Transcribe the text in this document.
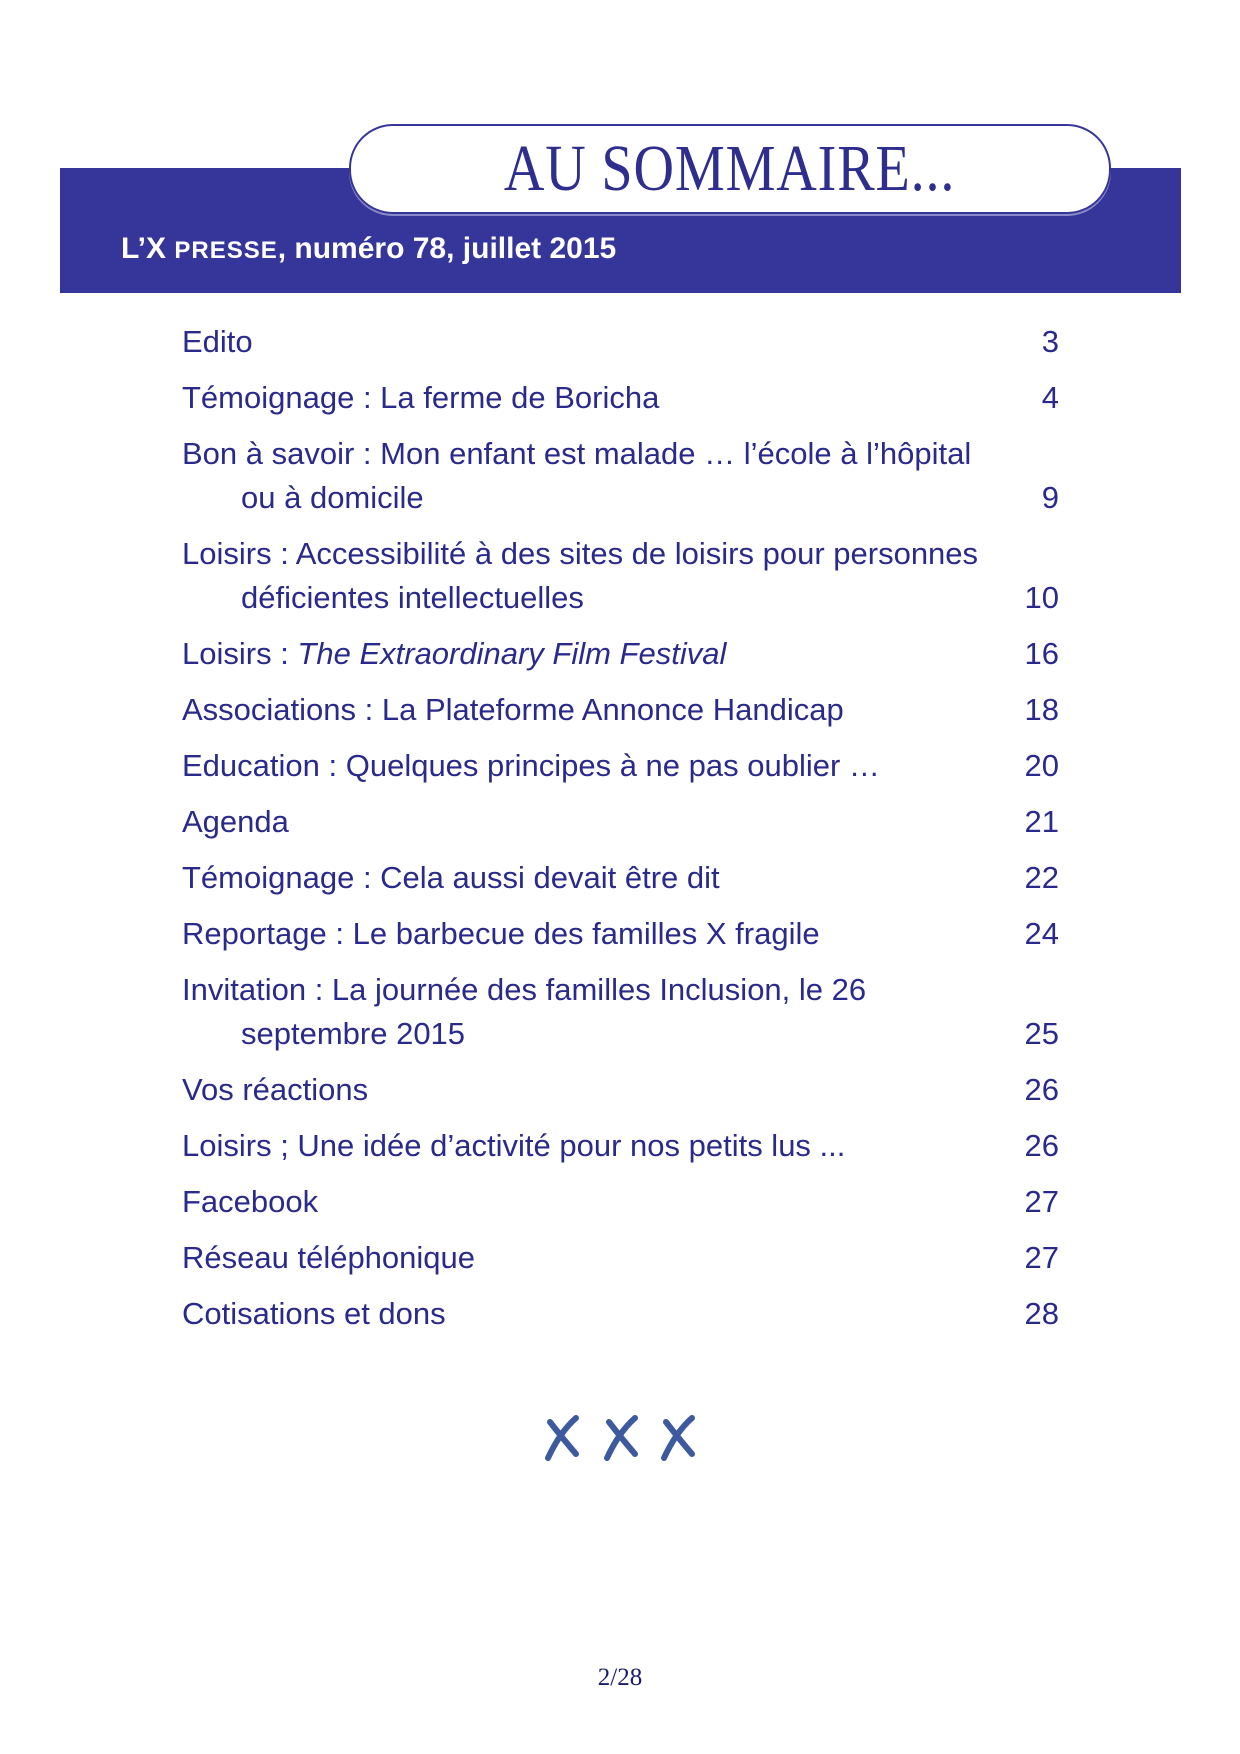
AU SOMMAIRE...
L’X PRESSE, numéro 78, juillet 2015
Edito	3
Témoignage : La ferme de Boricha	4
Bon à savoir : Mon enfant est malade … l’école à l’hôpital ou à domicile	9
Loisirs : Accessibilité à des sites de loisirs pour personnes déficientes intellectuelles	10
Loisirs : The Extraordinary Film Festival	16
Associations : La Plateforme Annonce Handicap	18
Education : Quelques principes à ne pas oublier …	20
Agenda	21
Témoignage : Cela aussi devait être dit	22
Reportage : Le barbecue des familles X fragile	24
Invitation : La journée des familles Inclusion, le 26 septembre 2015	25
Vos réactions	26
Loisirs ; Une idée d’activité pour nos petits lus ...	26
Facebook	27
Réseau téléphonique	27
Cotisations et dons	28
2/28
